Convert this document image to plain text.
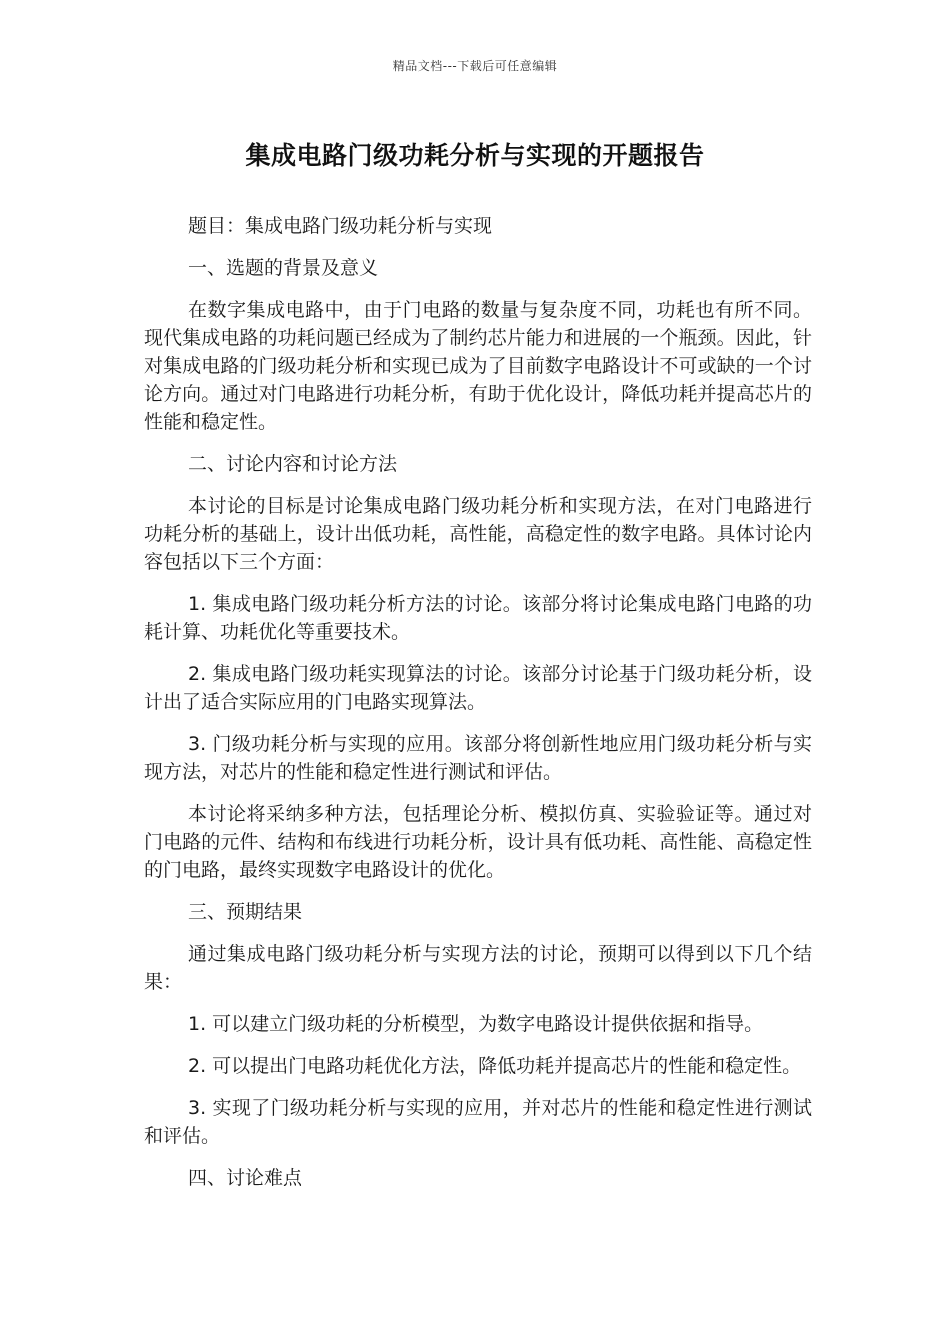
精品文档---下载后可任意编辑
集成电路门级功耗分析与实现的开题报告

题目：集成电路门级功耗分析与实现

一、选题的背景及意义

在数字集成电路中，由于门电路的数量与复杂度不同，功耗也有所不同。现代集成电路的功耗问题已经成为了制约芯片能力和进展的一个瓶颈。因此，针对集成电路的门级功耗分析和实现已成为了目前数字电路设计不可或缺的一个讨论方向。通过对门电路进行功耗分析，有助于优化设计，降低功耗并提高芯片的性能和稳定性。

二、讨论内容和讨论方法

本讨论的目标是讨论集成电路门级功耗分析和实现方法，在对门电路进行功耗分析的基础上，设计出低功耗，高性能，高稳定性的数字电路。具体讨论内容包括以下三个方面：

1. 集成电路门级功耗分析方法的讨论。该部分将讨论集成电路门电路的功耗计算、功耗优化等重要技术。

2. 集成电路门级功耗实现算法的讨论。该部分讨论基于门级功耗分析，设计出了适合实际应用的门电路实现算法。

3. 门级功耗分析与实现的应用。该部分将创新性地应用门级功耗分析与实现方法，对芯片的性能和稳定性进行测试和评估。

本讨论将采纳多种方法，包括理论分析、模拟仿真、实验验证等。通过对门电路的元件、结构和布线进行功耗分析，设计具有低功耗、高性能、高稳定性的门电路，最终实现数字电路设计的优化。

三、预期结果

通过集成电路门级功耗分析与实现方法的讨论，预期可以得到以下几个结果：

1. 可以建立门级功耗的分析模型，为数字电路设计提供依据和指导。

2. 可以提出门电路功耗优化方法，降低功耗并提高芯片的性能和稳定性。

3. 实现了门级功耗分析与实现的应用，并对芯片的性能和稳定性进行测试和评估。

四、讨论难点
